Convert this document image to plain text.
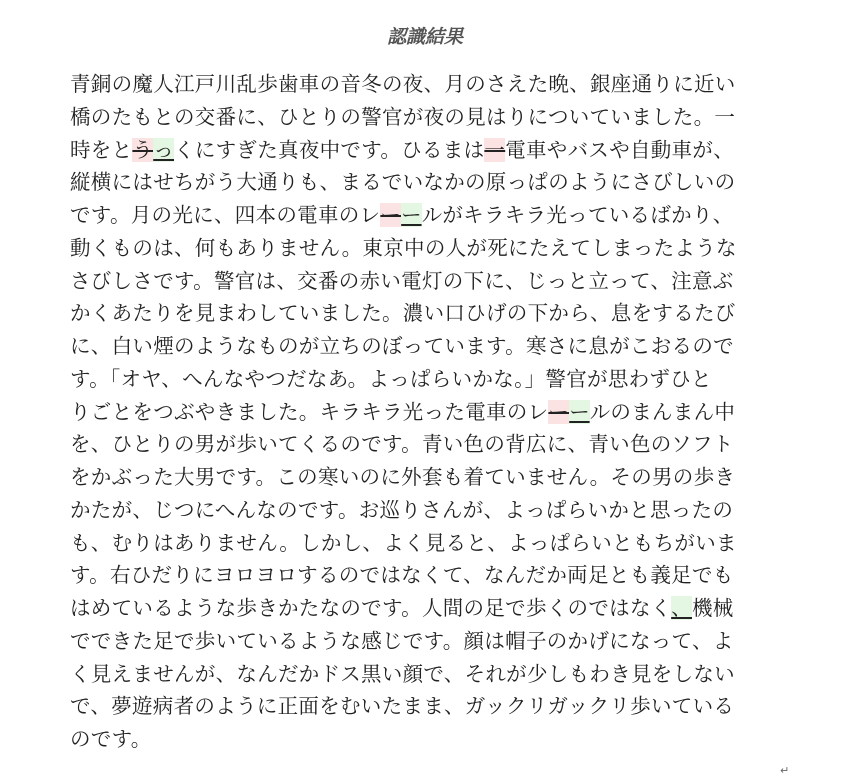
認識結果
青銅の魔人江戸川乱歩歯車の音冬の夜、月のさえた晩、銀座通りに近い
橋のたもとの交番に、ひとりの警官が夜の見はりについていました。一
時をとうっくにすぎた真夜中です。ひるまは一電車やバスや自動車が、
縦横にはせちがう大通りも、まるでいなかの原っぱのようにさびしいの
です。月の光に、四本の電車のレーールがキラキラ光っているばかり、
動くものは、何もありません。東京中の人が死にたえてしまったような
さびしさです。警官は、交番の赤い電灯の下に、じっと立って、注意ぶ
かくあたりを見まわしていました。濃い口ひげの下から、息をするたび
に、白い煙のようなものが立ちのぼっています。寒さに息がこおるので
す。「オヤ、へんなやつだなあ。よっぱらいかな。」警官が思わずひと
りごとをつぶやきました。キラキラ光った電車のレーールのまんまん中
を、ひとりの男が歩いてくるのです。青い色の背広に、青い色のソフト
をかぶった大男です。この寒いのに外套も着ていません。その男の歩き
かたが、じつにへんなのです。お巡りさんが、よっぱらいかと思ったの
も、むりはありません。しかし、よく見ると、よっぱらいともちがいま
す。右ひだりにヨロヨロするのではなくて、なんだか両足とも義足でも
はめているような歩きかたなのです。人間の足で歩くのではなく、機械
でできた足で歩いているような感じです。顔は帽子のかげになって、よ
く見えませんが、なんだかドス黒い顔で、それが少しもわき見をしない
で、夢遊病者のように正面をむいたまま、ガックリガックリ歩いている
のです。
↵
